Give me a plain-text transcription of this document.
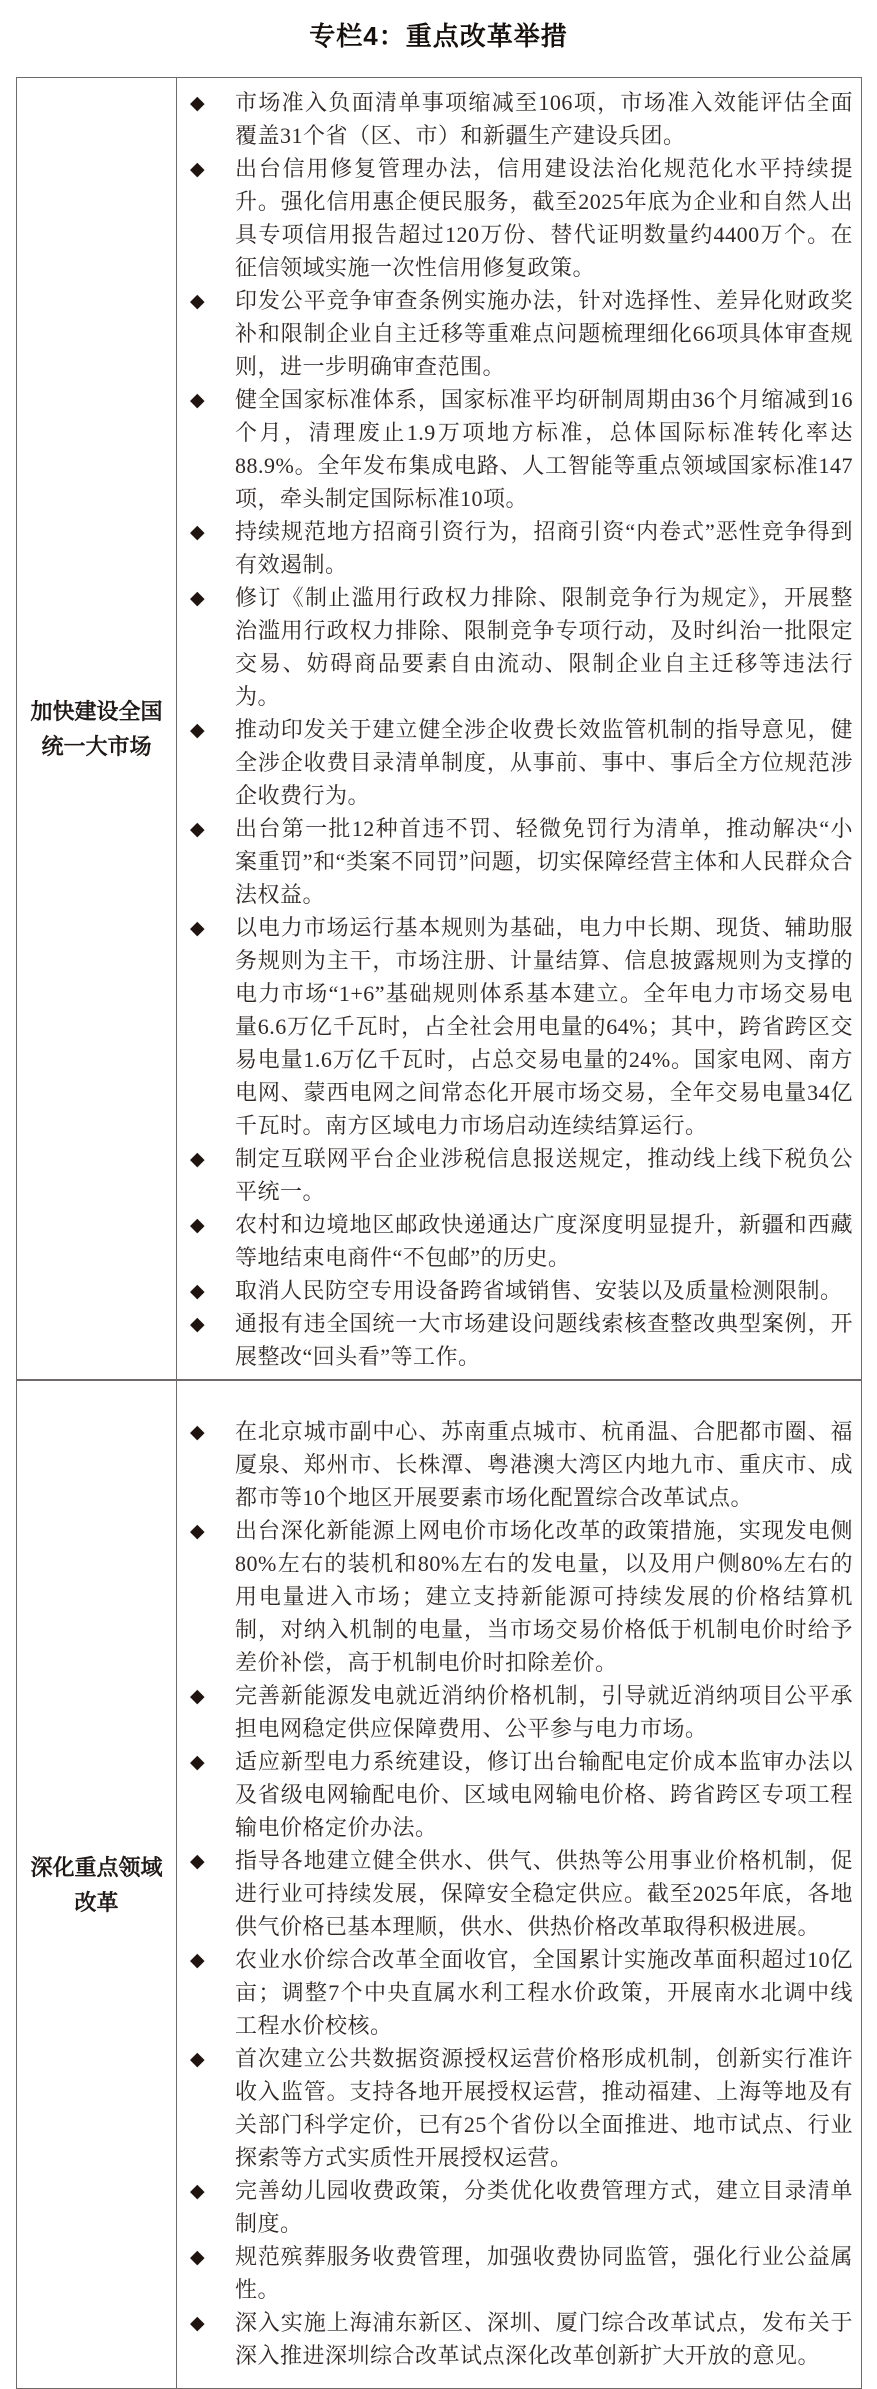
专栏4：重点改革举措
加快建设全国统一大市场
◆ 市场准入负面清单事项缩减至106项，市场准入效能评估全面覆盖31个省（区、市）和新疆生产建设兵团。
◆ 出台信用修复管理办法，信用建设法治化规范化水平持续提升。强化信用惠企便民服务，截至2025年底为企业和自然人出具专项信用报告超过120万份、替代证明数量约4400万个。在征信领域实施一次性信用修复政策。
◆ 印发公平竞争审查条例实施办法，针对选择性、差异化财政奖补和限制企业自主迁移等重难点问题梳理细化66项具体审查规则，进一步明确审查范围。
◆ 健全国家标准体系，国家标准平均研制周期由36个月缩减到16个月，清理废止1.9万项地方标准，总体国际标准转化率达88.9%。全年发布集成电路、人工智能等重点领域国家标准147项，牵头制定国际标准10项。
◆ 持续规范地方招商引资行为，招商引资“内卷式”恶性竞争得到有效遏制。
◆ 修订《制止滥用行政权力排除、限制竞争行为规定》，开展整治滥用行政权力排除、限制竞争专项行动，及时纠治一批限定交易、妨碍商品要素自由流动、限制企业自主迁移等违法行为。
◆ 推动印发关于建立健全涉企收费长效监管机制的指导意见，健全涉企收费目录清单制度，从事前、事中、事后全方位规范涉企收费行为。
◆ 出台第一批12种首违不罚、轻微免罚行为清单，推动解决“小案重罚”和“类案不同罚”问题，切实保障经营主体和人民群众合法权益。
◆ 以电力市场运行基本规则为基础，电力中长期、现货、辅助服务规则为主干，市场注册、计量结算、信息披露规则为支撑的电力市场“1+6”基础规则体系基本建立。全年电力市场交易电量6.6万亿千瓦时，占全社会用电量的64%；其中，跨省跨区交易电量1.6万亿千瓦时，占总交易电量的24%。国家电网、南方电网、蒙西电网之间常态化开展市场交易，全年交易电量34亿千瓦时。南方区域电力市场启动连续结算运行。
◆ 制定互联网平台企业涉税信息报送规定，推动线上线下税负公平统一。
◆ 农村和边境地区邮政快递通达广度深度明显提升，新疆和西藏等地结束电商件“不包邮”的历史。
◆ 取消人民防空专用设备跨省域销售、安装以及质量检测限制。
◆ 通报有违全国统一大市场建设问题线索核查整改典型案例，开展整改“回头看”等工作。
深化重点领域改革
◆ 在北京城市副中心、苏南重点城市、杭甬温、合肥都市圈、福厦泉、郑州市、长株潭、粤港澳大湾区内地九市、重庆市、成都市等10个地区开展要素市场化配置综合改革试点。
◆ 出台深化新能源上网电价市场化改革的政策措施，实现发电侧80%左右的装机和80%左右的发电量，以及用户侧80%左右的用电量进入市场；建立支持新能源可持续发展的价格结算机制，对纳入机制的电量，当市场交易价格低于机制电价时给予差价补偿，高于机制电价时扣除差价。
◆ 完善新能源发电就近消纳价格机制，引导就近消纳项目公平承担电网稳定供应保障费用、公平参与电力市场。
◆ 适应新型电力系统建设，修订出台输配电定价成本监审办法以及省级电网输配电价、区域电网输电价格、跨省跨区专项工程输电价格定价办法。
◆ 指导各地建立健全供水、供气、供热等公用事业价格机制，促进行业可持续发展，保障安全稳定供应。截至2025年底，各地供气价格已基本理顺，供水、供热价格改革取得积极进展。
◆ 农业水价综合改革全面收官，全国累计实施改革面积超过10亿亩；调整7个中央直属水利工程水价政策，开展南水北调中线工程水价校核。
◆ 首次建立公共数据资源授权运营价格形成机制，创新实行准许收入监管。支持各地开展授权运营，推动福建、上海等地及有关部门科学定价，已有25个省份以全面推进、地市试点、行业探索等方式实质性开展授权运营。
◆ 完善幼儿园收费政策，分类优化收费管理方式，建立目录清单制度。
◆ 规范殡葬服务收费管理，加强收费协同监管，强化行业公益属性。
◆ 深入实施上海浦东新区、深圳、厦门综合改革试点，发布关于深入推进深圳综合改革试点深化改革创新扩大开放的意见。
